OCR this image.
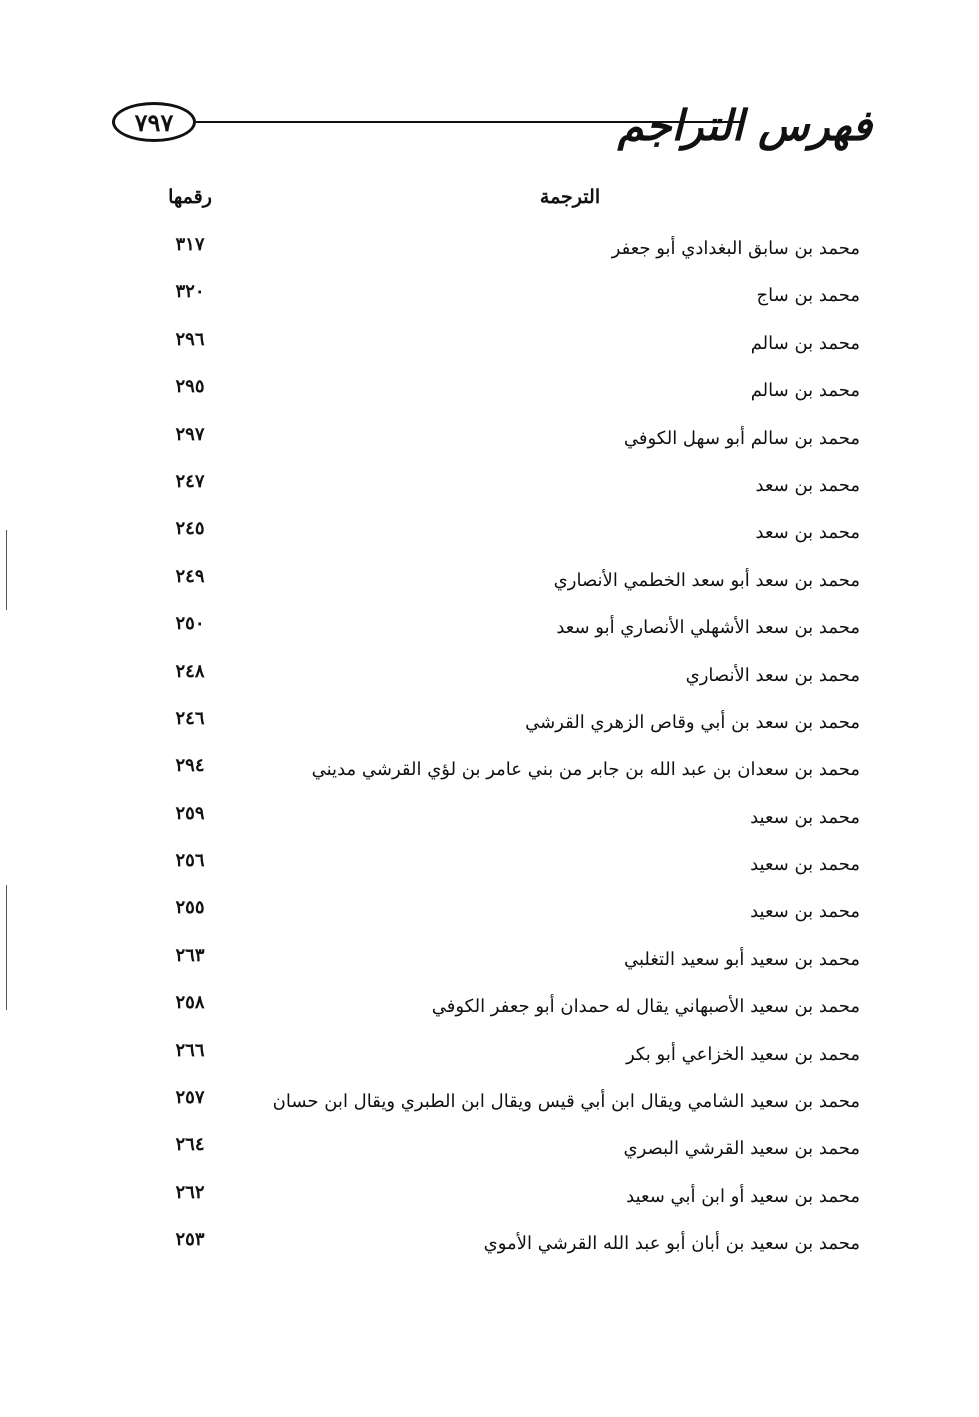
٧٩٧	فهرس التراجم
الترجمة
رقمها
محمد بن سابق البغدادي أبو جعفر
٣١٧
محمد بن ساج
٣٢٠
محمد بن سالم
٢٩٦
محمد بن سالم
٢٩٥
محمد بن سالم أبو سهل الكوفي
٢٩٧
محمد بن سعد
٢٤٧
محمد بن سعد
٢٤٥
محمد بن سعد أبو سعد الخطمي الأنصاري
٢٤٩
محمد بن سعد الأشهلي الأنصاري أبو سعد
٢٥٠
محمد بن سعد الأنصاري
٢٤٨
محمد بن سعد بن أبي وقاص الزهري القرشي
٢٤٦
محمد بن سعدان بن عبد الله بن جابر من بني عامر بن لؤي القرشي مديني
٢٩٤
محمد بن سعيد
٢٥٩
محمد بن سعيد
٢٥٦
محمد بن سعيد
٢٥٥
محمد بن سعيد أبو سعيد التغلبي
٢٦٣
محمد بن سعيد الأصبهاني يقال له حمدان أبو جعفر الكوفي
٢٥٨
محمد بن سعيد الخزاعي أبو بكر
٢٦٦
محمد بن سعيد الشامي ويقال ابن أبي قيس ويقال ابن الطبري ويقال ابن حسان
٢٥٧
محمد بن سعيد القرشي البصري
٢٦٤
محمد بن سعيد أو ابن أبي سعيد
٢٦٢
محمد بن سعيد بن أبان أبو عبد الله القرشي الأموي
٢٥٣
